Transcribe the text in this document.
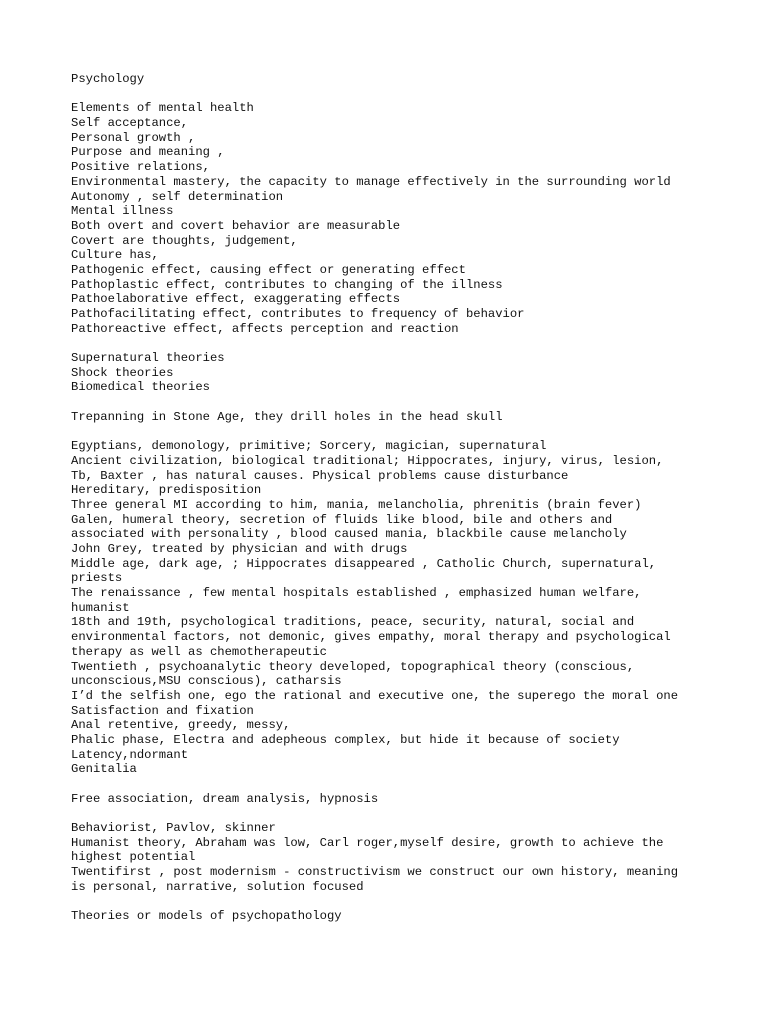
Psychology
Elements of mental health
Self acceptance,
Personal growth ,
Purpose and meaning ,
Positive relations,
Environmental mastery, the capacity to manage effectively in the surrounding world
Autonomy , self determination
Mental illness
Both overt and covert behavior are measurable
Covert are thoughts, judgement,
Culture has,
Pathogenic effect, causing effect or generating effect
Pathoplastic effect, contributes to changing of the illness
Pathoelaborative effect, exaggerating effects
Pathofacilitating effect, contributes to frequency of behavior
Pathoreactive effect, affects perception and reaction
Supernatural theories
Shock theories
Biomedical theories
Trepanning in Stone Age, they drill holes in the head skull
Egyptians, demonology, primitive; Sorcery, magician, supernatural
Ancient civilization, biological traditional; Hippocrates, injury, virus, lesion,
Tb, Baxter , has natural causes. Physical problems cause disturbance
Hereditary, predisposition
Three general MI according to him, mania, melancholia, phrenitis (brain fever)
Galen, humeral theory, secretion of fluids like blood, bile and others and
associated with personality , blood caused mania, blackbile cause melancholy
John Grey, treated by physician and with drugs
Middle age, dark age, ; Hippocrates disappeared , Catholic Church, supernatural,
priests
The renaissance , few mental hospitals established , emphasized human welfare,
humanist
18th and 19th, psychological traditions, peace, security, natural, social and
environmental factors, not demonic, gives empathy, moral therapy and psychological
therapy as well as chemotherapeutic
Twentieth , psychoanalytic theory developed, topographical theory (conscious,
unconscious,MSU conscious), catharsis
I’d the selfish one, ego the rational and executive one, the superego the moral one
Satisfaction and fixation
Anal retentive, greedy, messy,
Phalic phase, Electra and adepheous complex, but hide it because of society
Latency,ndormant
Genitalia
Free association, dream analysis, hypnosis
Behaviorist, Pavlov, skinner
Humanist theory, Abraham was low, Carl roger,myself desire, growth to achieve the
highest potential
Twentifirst , post modernism - constructivism we construct our own history, meaning
is personal, narrative, solution focused
Theories or models of psychopathology
